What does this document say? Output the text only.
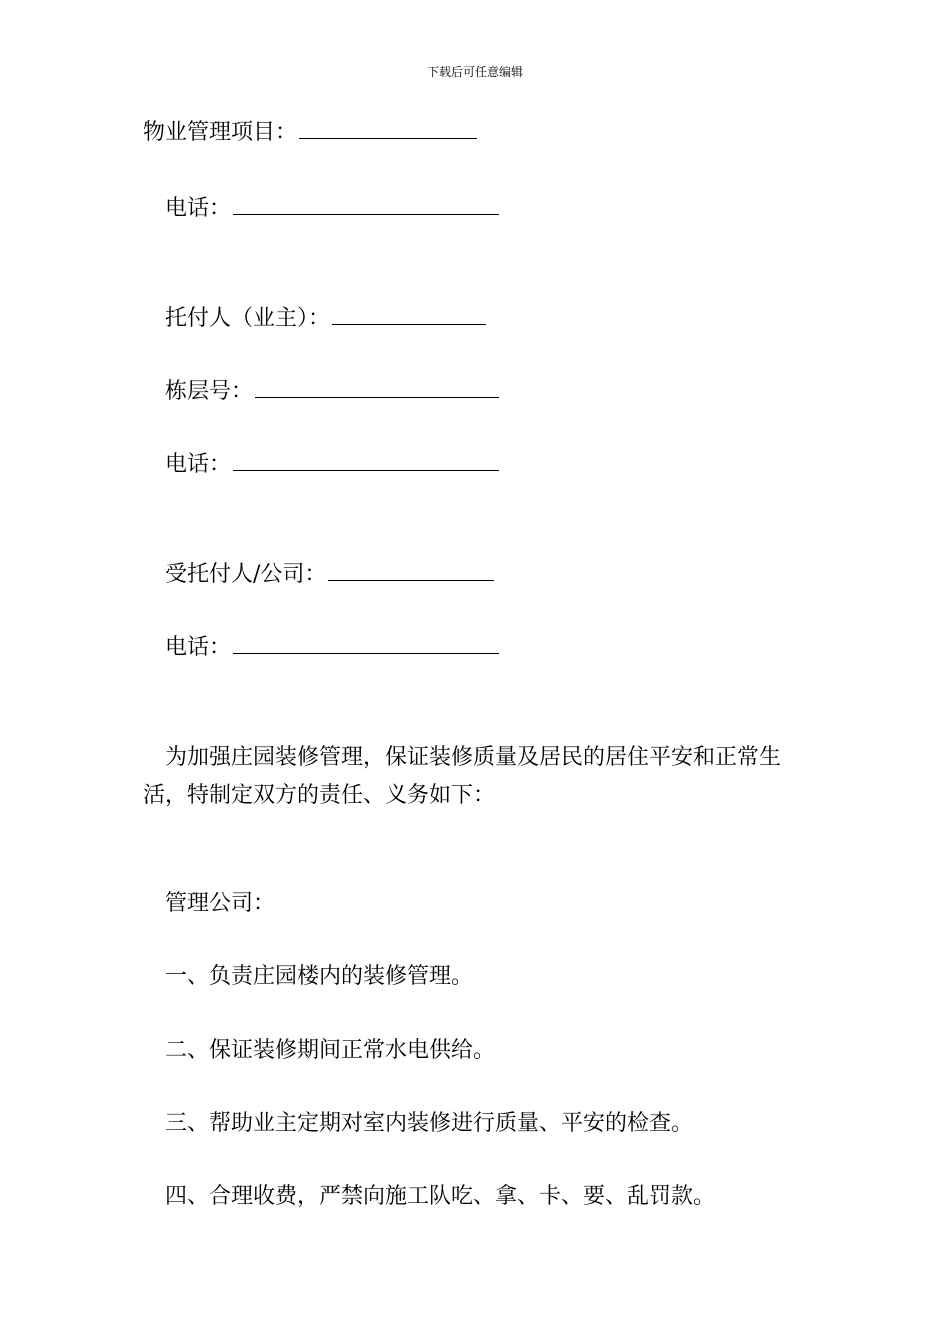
下载后可任意编辑
物业管理项目：
电话：
托付人（业主）：
栋层号：
电话：
受托付人/公司：
电话：
为加强庄园装修管理，保证装修质量及居民的居住平安和正常生活，特制定双方的责任、义务如下：
管理公司：
一、负责庄园楼内的装修管理。
二、保证装修期间正常水电供给。
三、帮助业主定期对室内装修进行质量、平安的检查。
四、合理收费，严禁向施工队吃、拿、卡、要、乱罚款。
